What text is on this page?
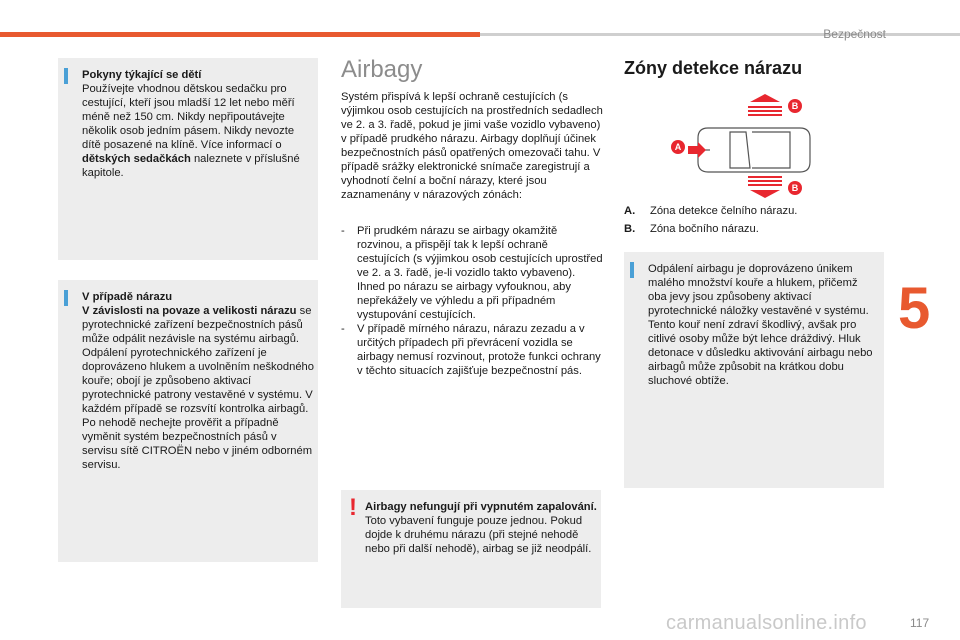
Bezpečnost
5
Pokyny týkající se dětí
Používejte vhodnou dětskou sedačku pro cestující, kteří jsou mladší 12 let nebo měří méně než 150 cm. Nikdy nepřipoutávejte několik osob jedním pásem. Nikdy nevozte dítě posazené na klíně. Více informací o dětských sedačkách naleznete v příslušné kapitole.
V případě nárazu
V závislosti na povaze a velikosti nárazu se pyrotechnické zařízení bezpečnostních pásů může odpálit nezávisle na systému airbagů. Odpálení pyrotechnického zařízení je doprovázeno hlukem a uvolněním neškodného kouře; obojí je způsobeno aktivací pyrotechnické patrony vestavěné v systému. V každém případě se rozsvítí kontrolka airbagů. Po nehodě nechejte prověřit a případně vyměnit systém bezpečnostních pásů v servisu sítě CITROËN nebo v jiném odborném servisu.
Airbagy
Systém přispívá k lepší ochraně cestujících (s výjimkou osob cestujících na prostředních sedadlech ve 2. a 3. řadě, pokud je jimi vaše vozidlo vybaveno) v případě prudkého nárazu. Airbagy doplňují účinek bezpečnostních pásů opatřených omezovači tahu. V případě srážky elektronické snímače zaregistrují a vyhodnotí čelní a boční nárazy, které jsou zaznamenány v nárazových zónách:
-	Při prudkém nárazu se airbagy okamžitě rozvinou, a přispějí tak k lepší ochraně cestujících (s výjimkou osob cestujících uprostřed ve 2. a 3. řadě, je-li vozidlo takto vybaveno). Ihned po nárazu se airbagy vyfouknou, aby nepřekážely ve výhledu a při případném vystupování cestujících.
-	V případě mírného nárazu, nárazu zezadu a v určitých případech při převrácení vozidla se airbagy nemusí rozvinout, protože funkci ochrany v těchto situacích zajišťuje bezpečnostní pás.
! Airbagy nefungují při vypnutém zapalování.
Toto vybavení funguje pouze jednou. Pokud dojde k druhému nárazu (při stejné nehodě nebo při další nehodě), airbag se již neodpálí.
Zóny detekce nárazu
B
A
B
A. Zóna detekce čelního nárazu.
B. Zóna bočního nárazu.
Odpálení airbagu je doprovázeno únikem malého množství kouře a hlukem, přičemž oba jevy jsou způsobeny aktivací pyrotechnické náložky vestavěné v systému. Tento kouř není zdraví škodlivý, avšak pro citlivé osoby může být lehce dráždivý. Hluk detonace v důsledku aktivování airbagu nebo airbagů může způsobit na krátkou dobu sluchové obtíže.
carmanualsonline.info	117
